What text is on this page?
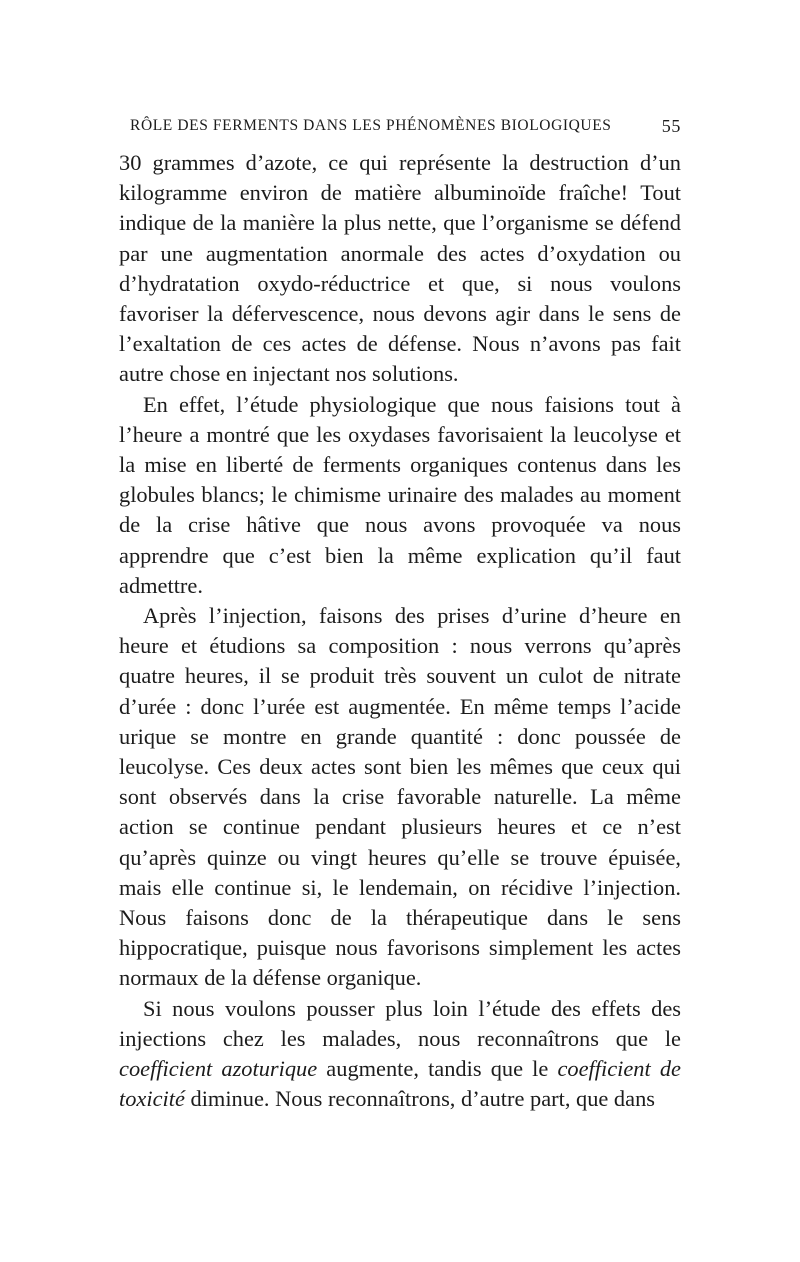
RÔLE DES FERMENTS DANS LES PHÉNOMÈNES BIOLOGIQUES	55

30 grammes d’azote, ce qui représente la destruction d’un kilogramme environ de matière albuminoïde fraîche! Tout indique de la manière la plus nette, que l’organisme se défend par une augmentation anormale des actes d’oxydation ou d’hydratation oxydo-réductrice et que, si nous voulons favoriser la défervescence, nous devons agir dans le sens de l’exaltation de ces actes de défense. Nous n’avons pas fait autre chose en injectant nos solutions.

En effet, l’étude physiologique que nous faisions tout à l’heure a montré que les oxydases favorisaient la leucolyse et la mise en liberté de ferments organiques contenus dans les globules blancs; le chimisme urinaire des malades au moment de la crise hâtive que nous avons provoquée va nous apprendre que c’est bien la même explication qu’il faut admettre.

Après l’injection, faisons des prises d’urine d’heure en heure et étudions sa composition : nous verrons qu’après quatre heures, il se produit très souvent un culot de nitrate d’urée : donc l’urée est augmentée. En même temps l’acide urique se montre en grande quantité : donc poussée de leucolyse. Ces deux actes sont bien les mêmes que ceux qui sont observés dans la crise favorable naturelle. La même action se continue pendant plusieurs heures et ce n’est qu’après quinze ou vingt heures qu’elle se trouve épuisée, mais elle continue si, le lendemain, on récidive l’injection. Nous faisons donc de la thérapeutique dans le sens hippocratique, puisque nous favorisons simplement les actes normaux de la défense organique.

Si nous voulons pousser plus loin l’étude des effets des injections chez les malades, nous reconnaîtrons que le coefficient azoturique augmente, tandis que le coefficient de toxicité diminue. Nous reconnaîtrons, d’autre part, que dans
